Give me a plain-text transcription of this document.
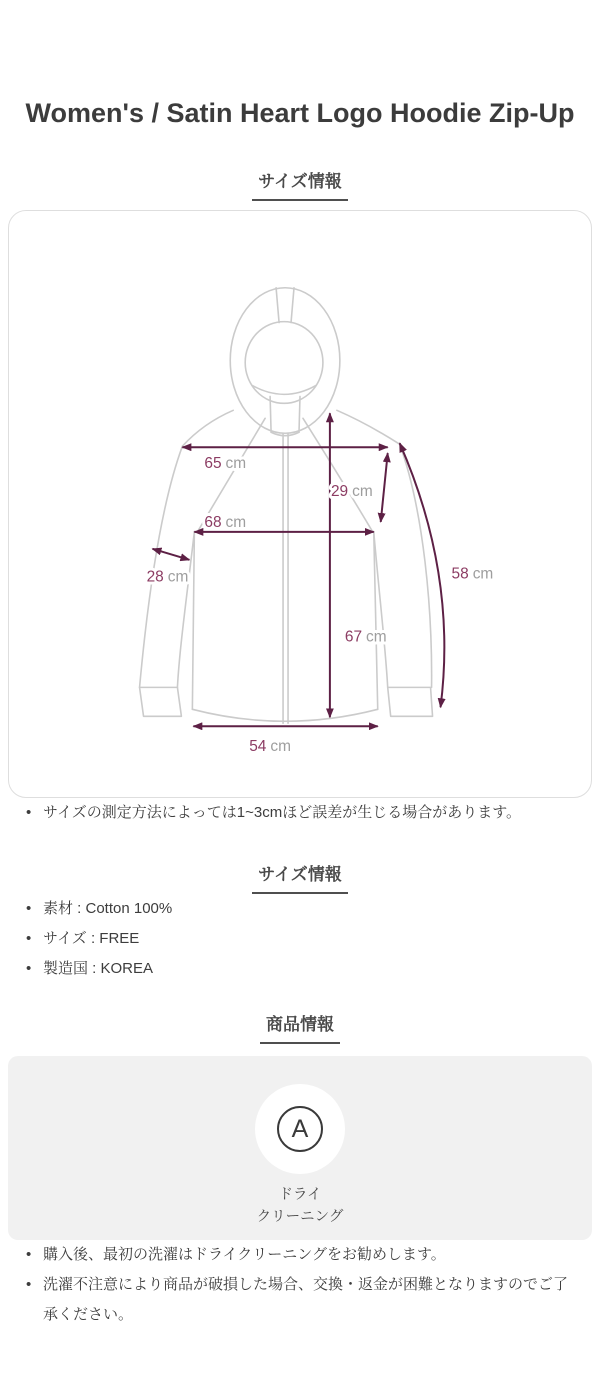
Women's / Satin Heart Logo Hoodie Zip-Up
サイズ情報
65 cm
29 cm
68 cm
28 cm	58 cm
67 cm
54 cm
• サイズの測定方法によっては1~3cmほど誤差が生じる場合があります。
サイズ情報
• 素材 : Cotton 100%
• サイズ : FREE
• 製造国 : KOREA
商品情報
A
ドライ
クリーニング
• 購入後、最初の洗濯はドライクリーニングをお勧めします。
• 洗濯不注意により商品が破損した場合、交換・返金が困難となりますのでご了承ください。
